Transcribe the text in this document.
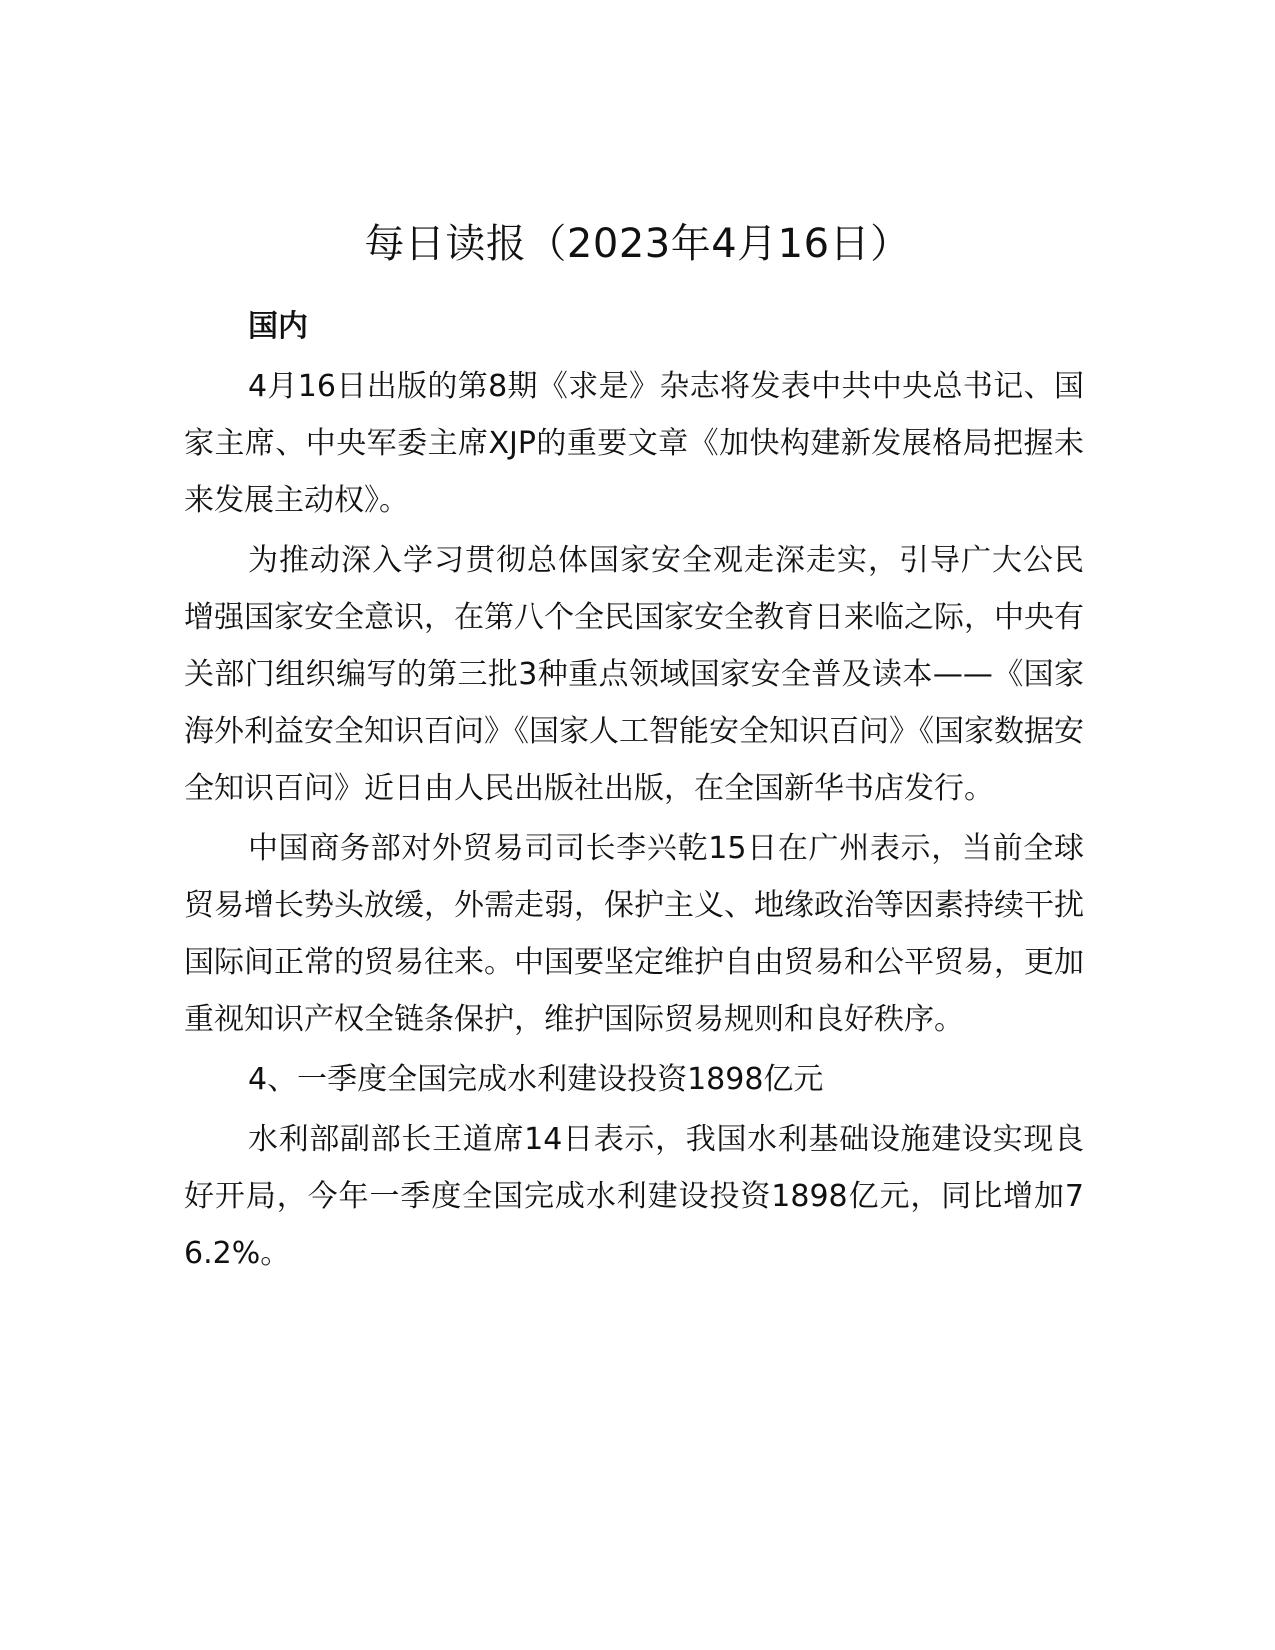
每日读报（2023年4月16日）

国内

4月16日出版的第8期《求是》杂志将发表中共中央总书记、国家主席、中央军委主席XJP的重要文章《加快构建新发展格局把握未来发展主动权》。

为推动深入学习贯彻总体国家安全观走深走实，引导广大公民增强国家安全意识，在第八个全民国家安全教育日来临之际，中央有关部门组织编写的第三批3种重点领域国家安全普及读本——《国家海外利益安全知识百问》《国家人工智能安全知识百问》《国家数据安全知识百问》近日由人民出版社出版，在全国新华书店发行。

中国商务部对外贸易司司长李兴乾15日在广州表示，当前全球贸易增长势头放缓，外需走弱，保护主义、地缘政治等因素持续干扰国际间正常的贸易往来。中国要坚定维护自由贸易和公平贸易，更加重视知识产权全链条保护，维护国际贸易规则和良好秩序。

4、一季度全国完成水利建设投资1898亿元

水利部副部长王道席14日表示，我国水利基础设施建设实现良好开局，今年一季度全国完成水利建设投资1898亿元，同比增加76.2%。
